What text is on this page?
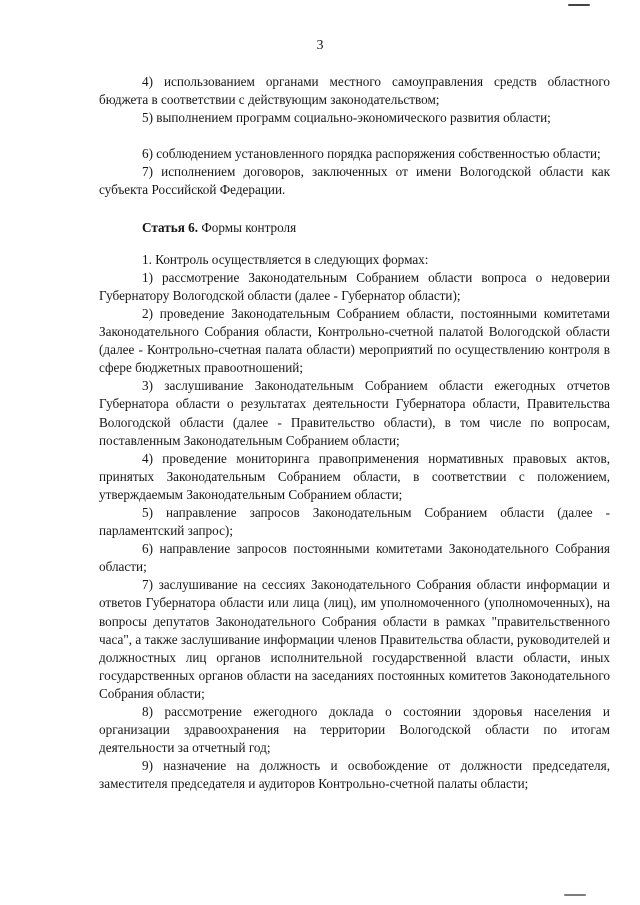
3

4) использованием органами местного самоуправления средств областного бюджета в соответствии с действующим законодательством;

5) выполнением программ социально-экономического развития области;

6) соблюдением установленного порядка распоряжения собственностью области;

7) исполнением договоров, заключенных от имени Вологодской области как субъекта Российской Федерации.

Статья 6. Формы контроля

1. Контроль осуществляется в следующих формах:

1) рассмотрение Законодательным Собранием области вопроса о недоверии Губернатору Вологодской области (далее - Губернатор области);

2) проведение Законодательным Собранием области, постоянными комитетами Законодательного Собрания области, Контрольно-счетной палатой Вологодской области (далее - Контрольно-счетная палата области) мероприятий по осуществлению контроля в сфере бюджетных правоотношений;

3) заслушивание Законодательным Собранием области ежегодных отчетов Губернатора области о результатах деятельности Губернатора области, Правительства Вологодской области (далее - Правительство области), в том числе по вопросам, поставленным Законодательным Собранием области;

4) проведение мониторинга правоприменения нормативных правовых актов, принятых Законодательным Собранием области, в соответствии с положением, утверждаемым Законодательным Собранием области;

5) направление запросов Законодательным Собранием области (далее - парламентский запрос);

6) направление запросов постоянными комитетами Законодательного Собрания области;

7) заслушивание на сессиях Законодательного Собрания области информации и ответов Губернатора области или лица (лиц), им уполномоченного (уполномоченных), на вопросы депутатов Законодательного Собрания области в рамках "правительственного часа", а также заслушивание информации членов Правительства области, руководителей и должностных лиц органов исполнительной государственной власти области, иных государственных органов области на заседаниях постоянных комитетов Законодательного Собрания области;

8) рассмотрение ежегодного доклада о состоянии здоровья населения и организации здравоохранения на территории Вологодской области по итогам деятельности за отчетный год;

9) назначение на должность и освобождение от должности председателя, заместителя председателя и аудиторов Контрольно-счетной палаты области;
